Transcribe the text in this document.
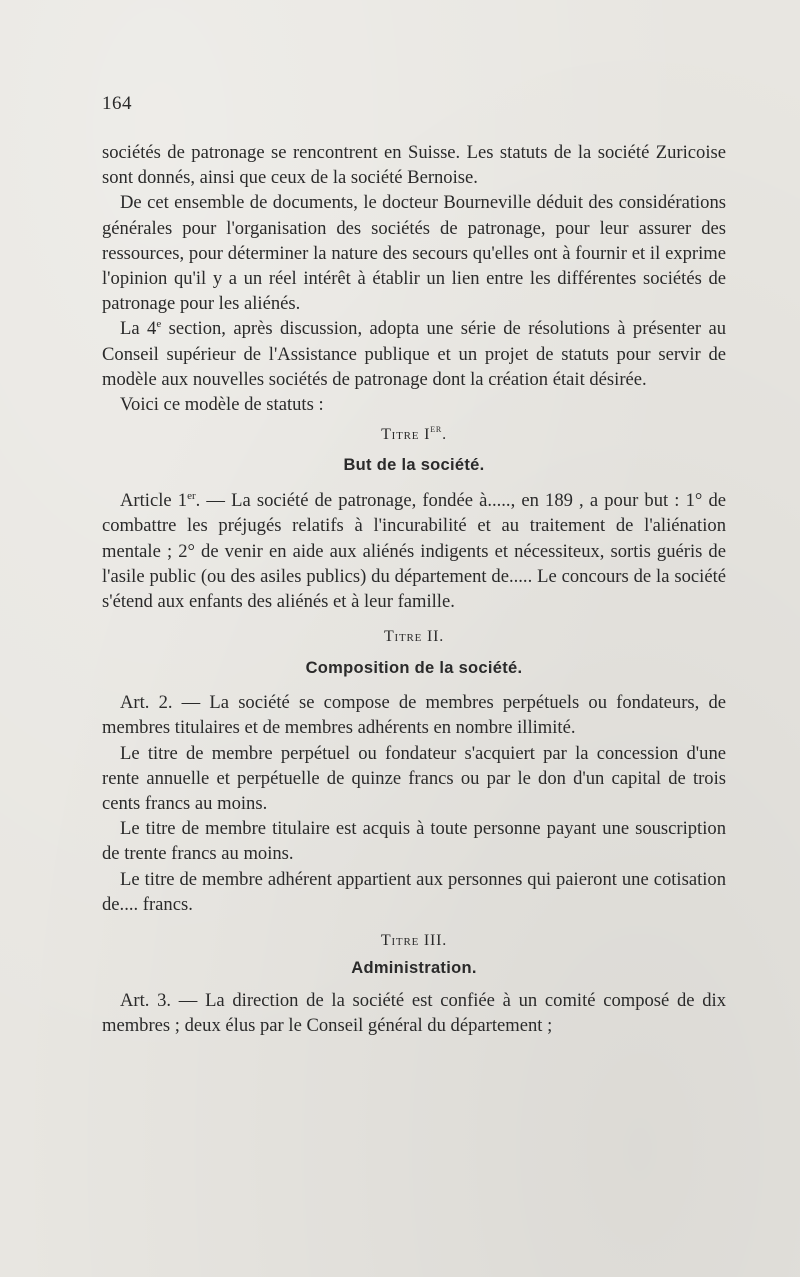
164

sociétés de patronage se rencontrent en Suisse. Les statuts de la société Zuricoise sont donnés, ainsi que ceux de la société Bernoise.

De cet ensemble de documents, le docteur Bourneville déduit des considérations générales pour l'organisation des sociétés de patronage, pour leur assurer des ressources, pour déterminer la nature des secours qu'elles ont à fournir et il exprime l'opinion qu'il y a un réel intérêt à établir un lien entre les différentes sociétés de patronage pour les aliénés.

La 4e section, après discussion, adopta une série de résolutions à présenter au Conseil supérieur de l'Assistance publique et un projet de statuts pour servir de modèle aux nouvelles sociétés de patronage dont la création était désirée.

Voici ce modèle de statuts :

Titre Ier.

But de la société.

Article 1er. — La société de patronage, fondée à....., en 189 , a pour but : 1° de combattre les préjugés relatifs à l'incurabilité et au traitement de l'aliénation mentale ; 2° de venir en aide aux aliénés indigents et nécessiteux, sortis guéris de l'asile public (ou des asiles publics) du département de..... Le concours de la société s'étend aux enfants des aliénés et à leur famille.

Titre II.

Composition de la société.

Art. 2. — La société se compose de membres perpétuels ou fondateurs, de membres titulaires et de membres adhérents en nombre illimité.

Le titre de membre perpétuel ou fondateur s'acquiert par la concession d'une rente annuelle et perpétuelle de quinze francs ou par le don d'un capital de trois cents francs au moins.

Le titre de membre titulaire est acquis à toute personne payant une souscription de trente francs au moins.

Le titre de membre adhérent appartient aux personnes qui paieront une cotisation de.... francs.

Titre III.

Administration.

Art. 3. — La direction de la société est confiée à un comité composé de dix membres ; deux élus par le Conseil général du département ;
